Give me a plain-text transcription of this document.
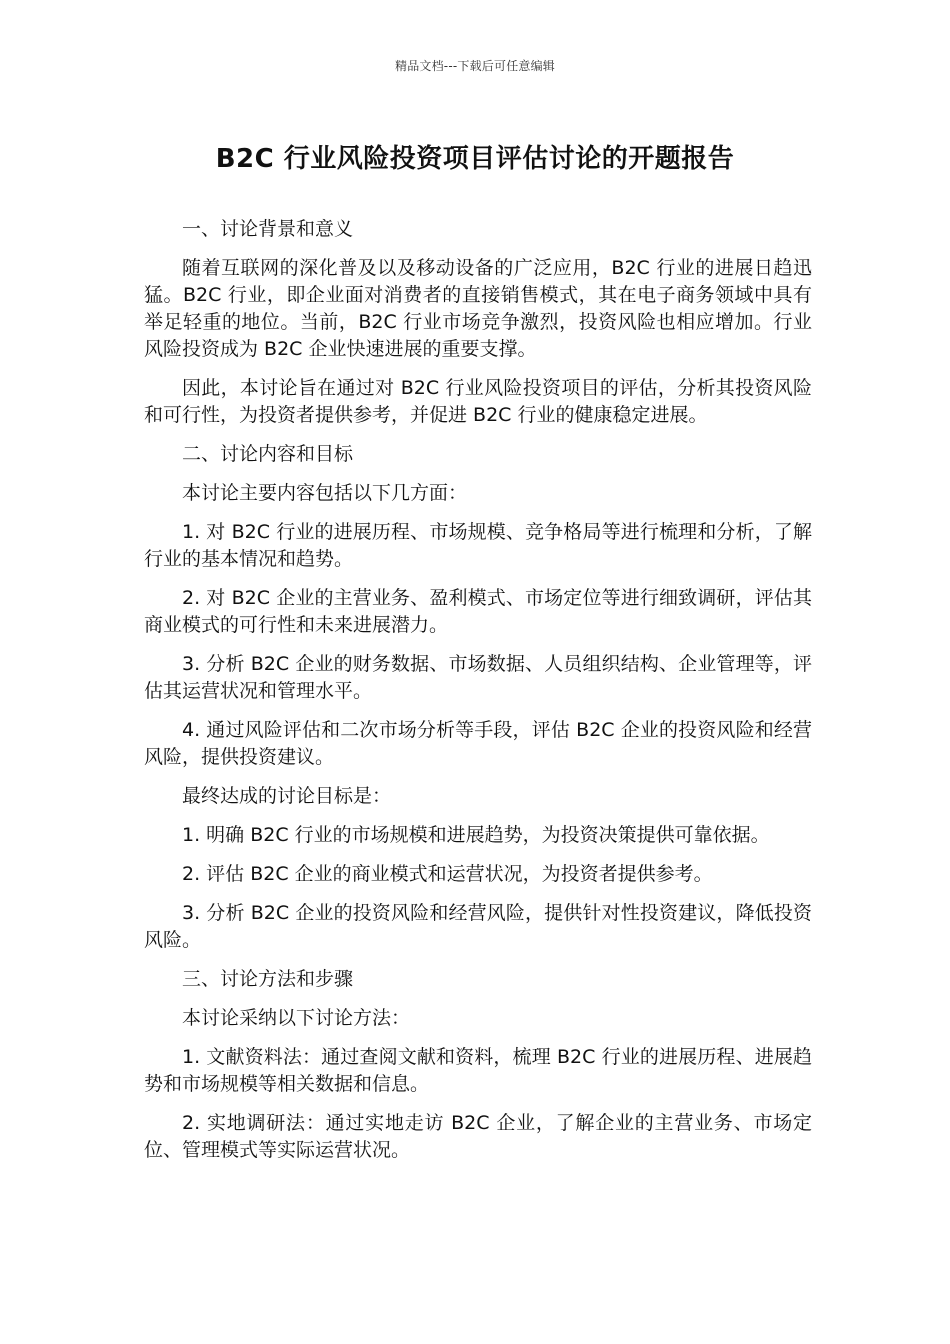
精品文档---下载后可任意编辑
B2C 行业风险投资项目评估讨论的开题报告

一、讨论背景和意义

随着互联网的深化普及以及移动设备的广泛应用，B2C 行业的进展日趋迅猛。B2C 行业，即企业面对消费者的直接销售模式，其在电子商务领域中具有举足轻重的地位。当前，B2C 行业市场竞争激烈，投资风险也相应增加。行业风险投资成为 B2C 企业快速进展的重要支撑。

因此，本讨论旨在通过对 B2C 行业风险投资项目的评估，分析其投资风险和可行性，为投资者提供参考，并促进 B2C 行业的健康稳定进展。

二、讨论内容和目标

本讨论主要内容包括以下几方面：

1. 对 B2C 行业的进展历程、市场规模、竞争格局等进行梳理和分析，了解行业的基本情况和趋势。

2. 对 B2C 企业的主营业务、盈利模式、市场定位等进行细致调研，评估其商业模式的可行性和未来进展潜力。

3. 分析 B2C 企业的财务数据、市场数据、人员组织结构、企业管理等，评估其运营状况和管理水平。

4. 通过风险评估和二次市场分析等手段，评估 B2C 企业的投资风险和经营风险，提供投资建议。

最终达成的讨论目标是：

1. 明确 B2C 行业的市场规模和进展趋势，为投资决策提供可靠依据。

2. 评估 B2C 企业的商业模式和运营状况，为投资者提供参考。

3. 分析 B2C 企业的投资风险和经营风险，提供针对性投资建议，降低投资风险。

三、讨论方法和步骤

本讨论采纳以下讨论方法：

1. 文献资料法：通过查阅文献和资料，梳理 B2C 行业的进展历程、进展趋势和市场规模等相关数据和信息。

2. 实地调研法：通过实地走访 B2C 企业，了解企业的主营业务、市场定位、管理模式等实际运营状况。
